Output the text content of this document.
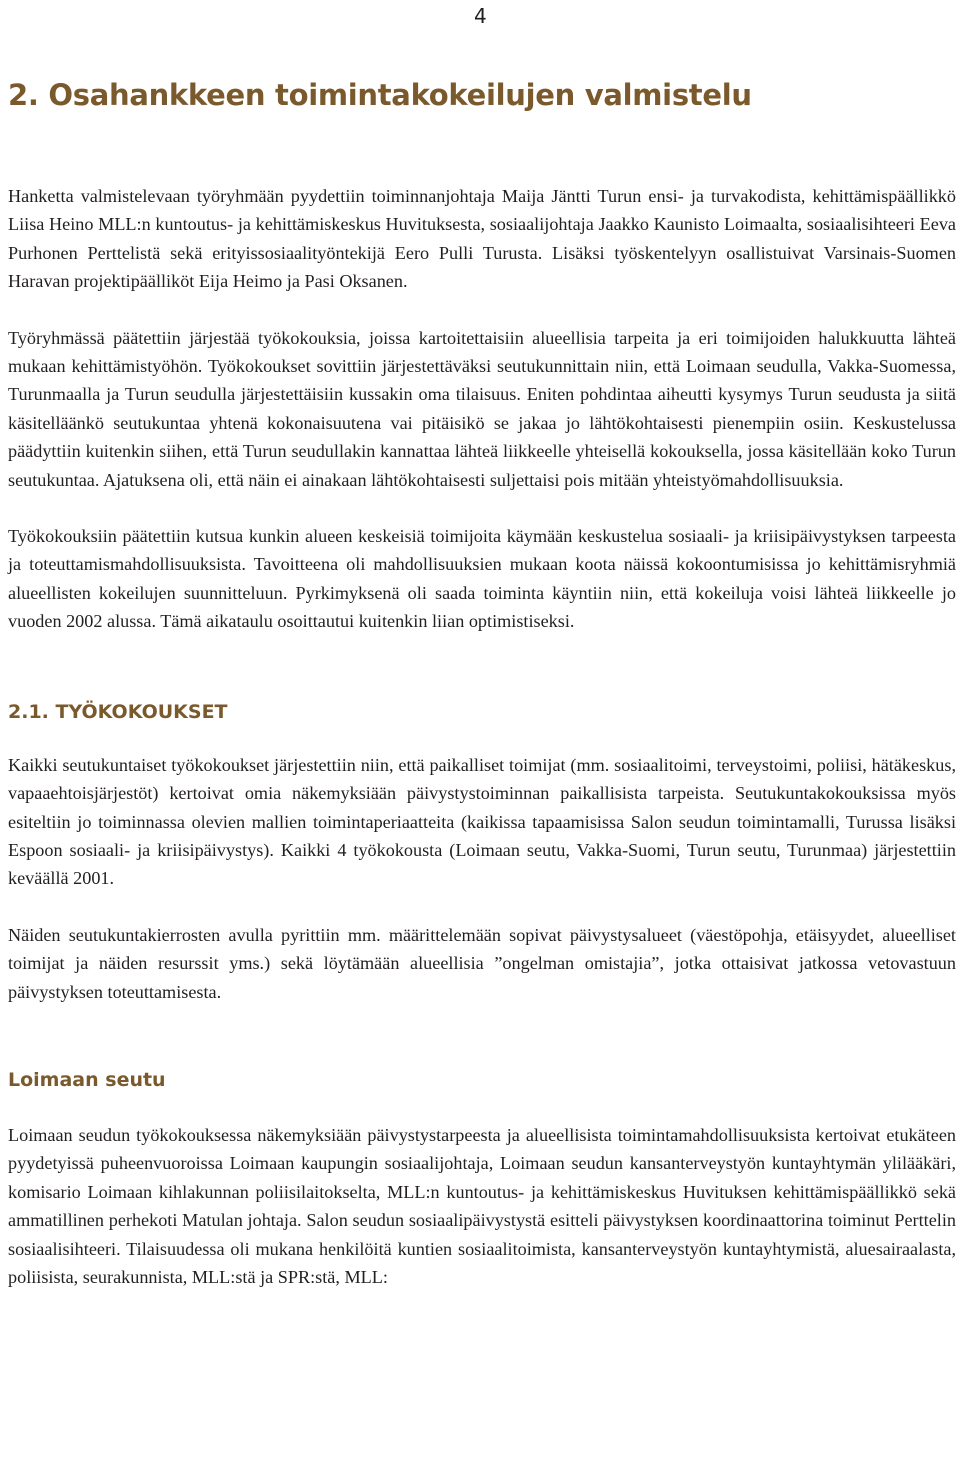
4
2. Osahankkeen toimintakokeilujen valmistelu

Hanketta valmistelevaan työryhmään pyydettiin toiminnanjohtaja Maija Jäntti Turun ensi- ja turvakodista, kehittämispäällikkö Liisa Heino MLL:n kuntoutus- ja kehittämiskeskus Huvituksesta, sosiaalijohtaja Jaakko Kaunisto Loimaalta, sosiaalisihteeri Eeva Purhonen Perttelistä sekä erityissosiaalityöntekijä Eero Pulli Turusta. Lisäksi työskentelyyn osallistuivat Varsinais-Suomen Haravan projektipäälliköt Eija Heimo ja Pasi Oksanen.

Työryhmässä päätettiin järjestää työkokouksia, joissa kartoitettaisiin alueellisia tarpeita ja eri toimijoiden halukkuutta lähteä mukaan kehittämistyöhön. Työkokoukset sovittiin järjestettäväksi seutukunnittain niin, että Loimaan seudulla, Vakka-Suomessa, Turunmaalla ja Turun seudulla järjestettäisiin kussakin oma tilaisuus. Eniten pohdintaa aiheutti kysymys Turun seudusta ja siitä käsitelläänkö seutukuntaa yhtenä kokonaisuutena vai pitäisikö se jakaa jo lähtökohtaisesti pienempiin osiin. Keskustelussa päädyttiin kuitenkin siihen, että Turun seudullakin kannattaa lähteä liikkeelle yhteisellä kokouksella, jossa käsitellään koko Turun seutukuntaa. Ajatuksena oli, että näin ei ainakaan lähtökohtaisesti suljettaisi pois mitään yhteistyömahdollisuuksia.

Työkokouksiin päätettiin kutsua kunkin alueen keskeisiä toimijoita käymään keskustelua sosiaali- ja kriisipäivystyksen tarpeesta ja toteuttamismahdollisuuksista. Tavoitteena oli mahdollisuuksien mukaan koota näissä kokoontumisissa jo kehittämisryhmiä alueellisten kokeilujen suunnitteluun. Pyrkimyksenä oli saada toiminta käyntiin niin, että kokeiluja voisi lähteä liikkeelle jo vuoden 2002 alussa. Tämä aikataulu osoittautui kuitenkin liian optimistiseksi.

2.1. TYÖKOKOUKSET

Kaikki seutukuntaiset työkokoukset järjestettiin niin, että paikalliset toimijat (mm. sosiaalitoimi, terveystoimi, poliisi, hätäkeskus, vapaaehtoisjärjestöt) kertoivat omia näkemyksiään päivystystoiminnan paikallisista tarpeista. Seutukuntakokouksissa myös esiteltiin jo toiminnassa olevien mallien toimintaperiaatteita (kaikissa tapaamisissa Salon seudun toimintamalli, Turussa lisäksi Espoon sosiaali- ja kriisipäivystys). Kaikki 4 työkokousta (Loimaan seutu, Vakka-Suomi, Turun seutu, Turunmaa) järjestettiin keväällä 2001.

Näiden seutukuntakierrosten avulla pyrittiin mm. määrittelemään sopivat päivystysalueet (väestöpohja, etäisyydet, alueelliset toimijat ja näiden resurssit yms.) sekä löytämään alueellisia ”ongelman omistajia”, jotka ottaisivat jatkossa vetovastuun päivystyksen toteuttamisesta.

Loimaan seutu

Loimaan seudun työkokouksessa näkemyksiään päivystystarpeesta ja alueellisista toimintamahdollisuuksista kertoivat etukäteen pyydetyissä puheenvuoroissa Loimaan kaupungin sosiaalijohtaja, Loimaan seudun kansanterveystyön kuntayhtymän ylilääkäri, komisario Loimaan kihlakunnan poliisilaitokselta, MLL:n kuntoutus- ja kehittämiskeskus Huvituksen kehittämispäällikkö sekä ammatillinen perhekoti Matulan johtaja. Salon seudun sosiaalipäivystystä esitteli päivystyksen koordinaattorina toiminut Perttelin sosiaalisihteeri. Tilaisuudessa oli mukana henkilöitä kuntien sosiaalitoimista, kansanterveystyön kuntayhtymistä, aluesairaalasta, poliisista, seurakunnista, MLL:stä ja SPR:stä, MLL:
